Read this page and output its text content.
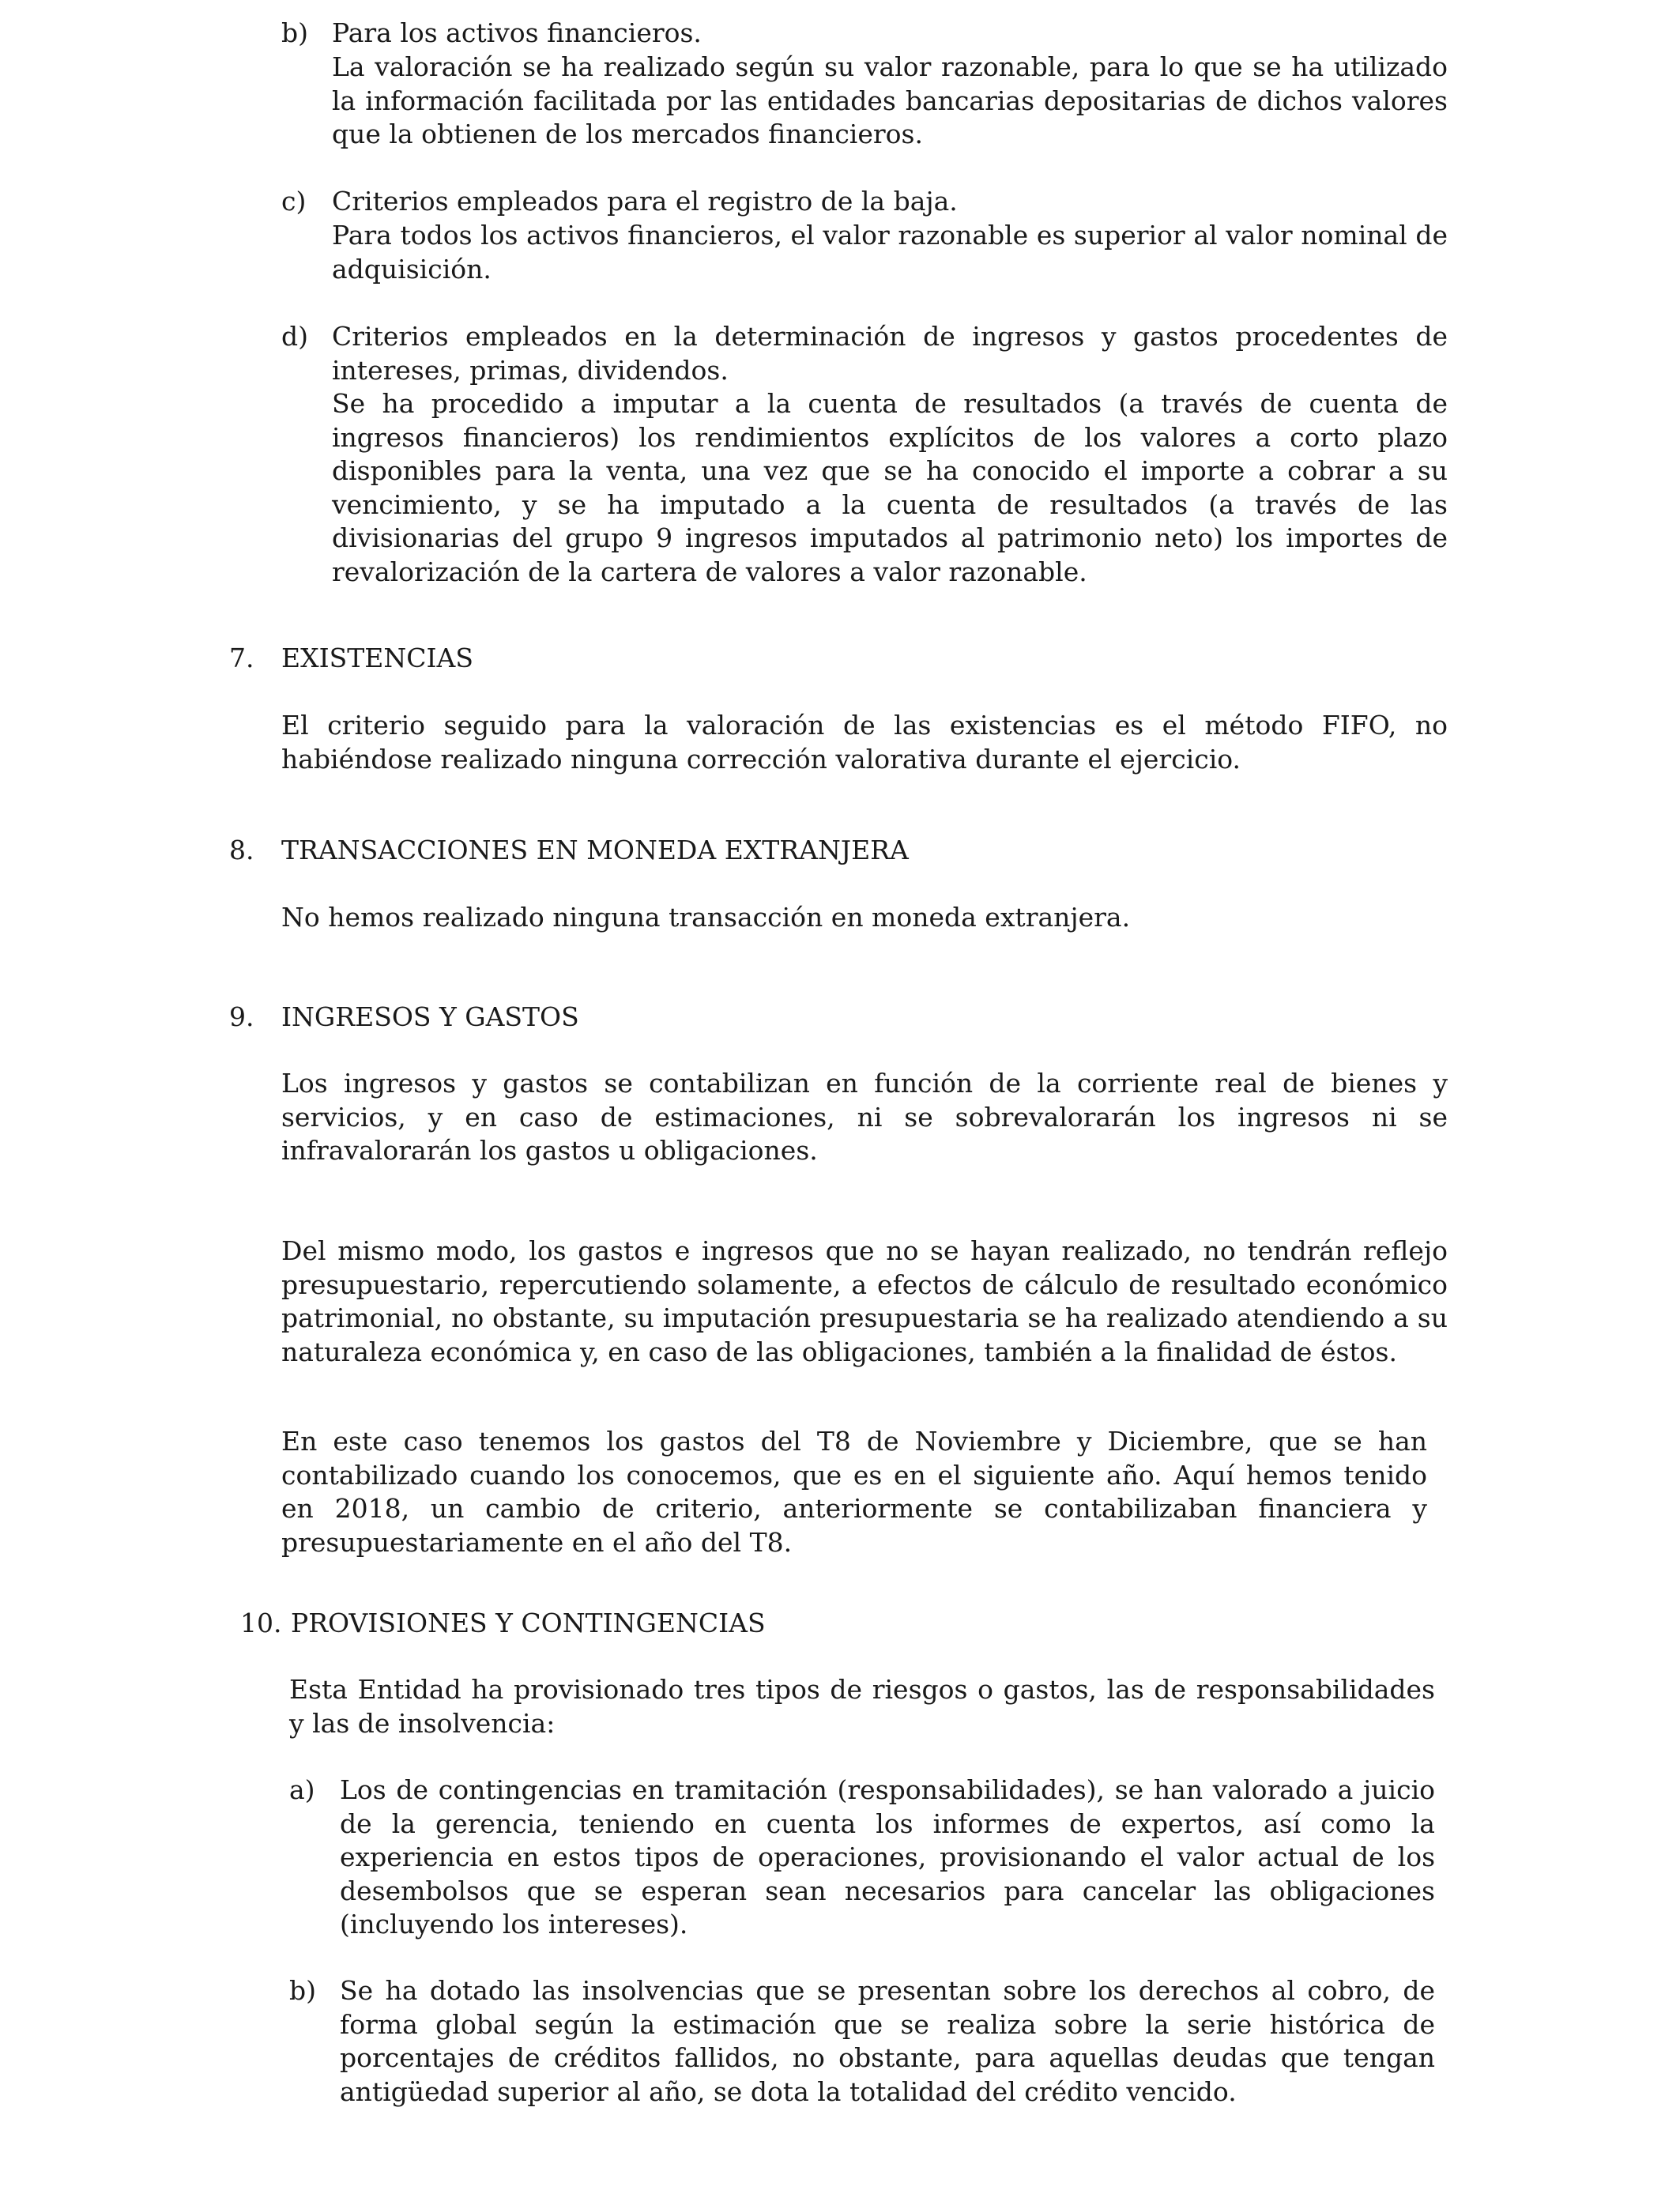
b) Para los activos financieros.

La valoración se ha realizado según su valor razonable, para lo que se ha utilizado la información facilitada por las entidades bancarias depositarias de dichos valores que la obtienen de los mercados financieros.

c) Criterios empleados para el registro de la baja.

Para todos los activos financieros, el valor razonable es superior al valor nominal de adquisición.

d) Criterios empleados en la determinación de ingresos y gastos procedentes de intereses, primas, dividendos.

Se ha procedido a imputar a la cuenta de resultados (a través de cuenta de ingresos financieros) los rendimientos explícitos de los valores a corto plazo disponibles para la venta, una vez que se ha conocido el importe a cobrar a su vencimiento, y se ha imputado a la cuenta de resultados (a través de las divisionarias del grupo 9 ingresos imputados al patrimonio neto) los importes de revalorización de la cartera de valores a valor razonable.

7. EXISTENCIAS

El criterio seguido para la valoración de las existencias es el método FIFO, no habiéndose realizado ninguna corrección valorativa durante el ejercicio.

8. TRANSACCIONES EN MONEDA EXTRANJERA

No hemos realizado ninguna transacción en moneda extranjera.

9. INGRESOS Y GASTOS

Los ingresos y gastos se contabilizan en función de la corriente real de bienes y servicios, y en caso de estimaciones, ni se sobrevalorarán los ingresos ni se infravalorarán los gastos u obligaciones.

Del mismo modo, los gastos e ingresos que no se hayan realizado, no tendrán reflejo presupuestario, repercutiendo solamente, a efectos de cálculo de resultado económico patrimonial, no obstante, su imputación presupuestaria se ha realizado atendiendo a su naturaleza económica y, en caso de las obligaciones, también a la finalidad de éstos.

En este caso tenemos los gastos del T8 de Noviembre y Diciembre, que se han contabilizado cuando los conocemos, que es en el siguiente año. Aquí hemos tenido en 2018, un cambio de criterio, anteriormente se contabilizaban financiera y presupuestariamente en el año del T8.

10. PROVISIONES Y CONTINGENCIAS

Esta Entidad ha provisionado tres tipos de riesgos o gastos, las de responsabilidades y las de insolvencia:

a) Los de contingencias en tramitación (responsabilidades), se han valorado a juicio de la gerencia, teniendo en cuenta los informes de expertos, así como la experiencia en estos tipos de operaciones, provisionando el valor actual de los desembolsos que se esperan sean necesarios para cancelar las obligaciones (incluyendo los intereses).

b) Se ha dotado las insolvencias que se presentan sobre los derechos al cobro, de forma global según la estimación que se realiza sobre la serie histórica de porcentajes de créditos fallidos, no obstante, para aquellas deudas que tengan antigüedad superior al año, se dota la totalidad del crédito vencido.
